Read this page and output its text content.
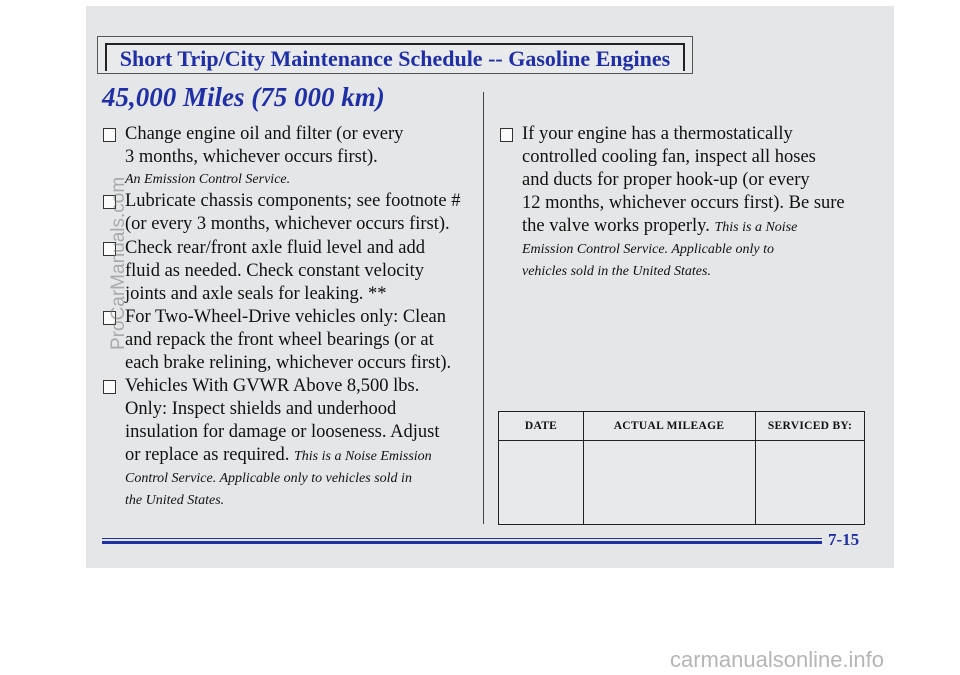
Short Trip/City Maintenance Schedule -- Gasoline Engines
45,000 Miles (75 000 km)
Change engine oil and filter (or every
3 months, whichever occurs first).
An Emission Control Service.
Lubricate chassis components; see footnote #
(or every 3 months, whichever occurs first).
Check rear/front axle fluid level and add
fluid as needed. Check constant velocity
joints and axle seals for leaking. **
For Two-Wheel-Drive vehicles only: Clean
and repack the front wheel bearings (or at
each brake relining, whichever occurs first).
Vehicles With GVWR Above 8,500 lbs.
Only: Inspect shields and underhood
insulation for damage or looseness. Adjust
or replace as required. This is a Noise Emission
Control Service. Applicable only to vehicles sold in
the United States.
If your engine has a thermostatically
controlled cooling fan, inspect all hoses
and ducts for proper hook-up (or every
12 months, whichever occurs first). Be sure
the valve works properly. This is a Noise
Emission Control Service. Applicable only to
vehicles sold in the United States.
DATE	ACTUAL MILEAGE	SERVICED BY:
7-15
ProCarManuals.com
carmanualsonline.info
